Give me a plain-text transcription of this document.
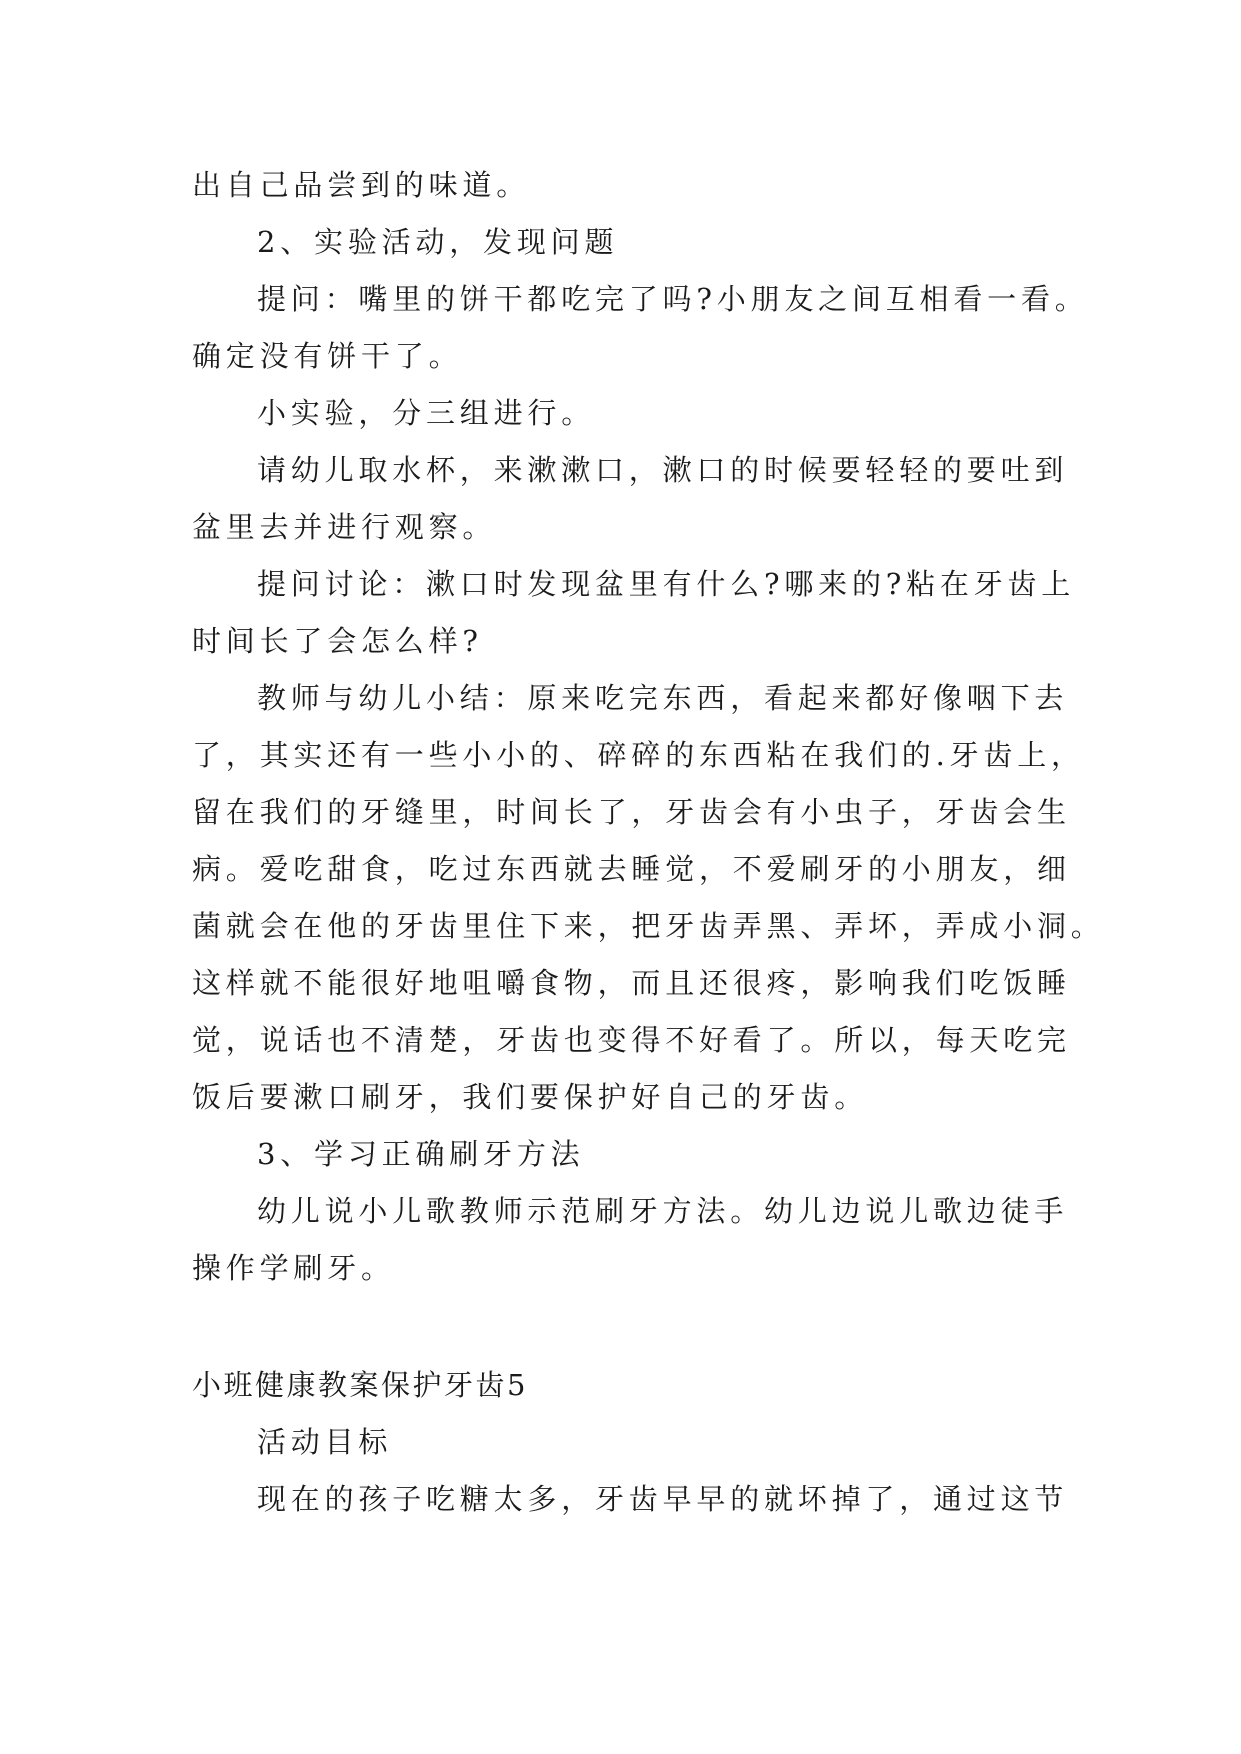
出自己品尝到的味道。
2、实验活动，发现问题
提问：嘴里的饼干都吃完了吗?小朋友之间互相看一看。
确定没有饼干了。
小实验，分三组进行。
请幼儿取水杯，来漱漱口，漱口的时候要轻轻的要吐到
盆里去并进行观察。
提问讨论：漱口时发现盆里有什么?哪来的?粘在牙齿上
时间长了会怎么样?
教师与幼儿小结：原来吃完东西，看起来都好像咽下去
了，其实还有一些小小的、碎碎的东西粘在我们的.牙齿上，
留在我们的牙缝里，时间长了，牙齿会有小虫子，牙齿会生
病。爱吃甜食，吃过东西就去睡觉，不爱刷牙的小朋友，细
菌就会在他的牙齿里住下来，把牙齿弄黑、弄坏，弄成小洞。
这样就不能很好地咀嚼食物，而且还很疼，影响我们吃饭睡
觉，说话也不清楚，牙齿也变得不好看了。所以，每天吃完
饭后要漱口刷牙，我们要保护好自己的牙齿。
3、学习正确刷牙方法
幼儿说小儿歌教师示范刷牙方法。幼儿边说儿歌边徒手
操作学刷牙。
小班健康教案保护牙齿5
活动目标
现在的孩子吃糖太多，牙齿早早的就坏掉了，通过这节
